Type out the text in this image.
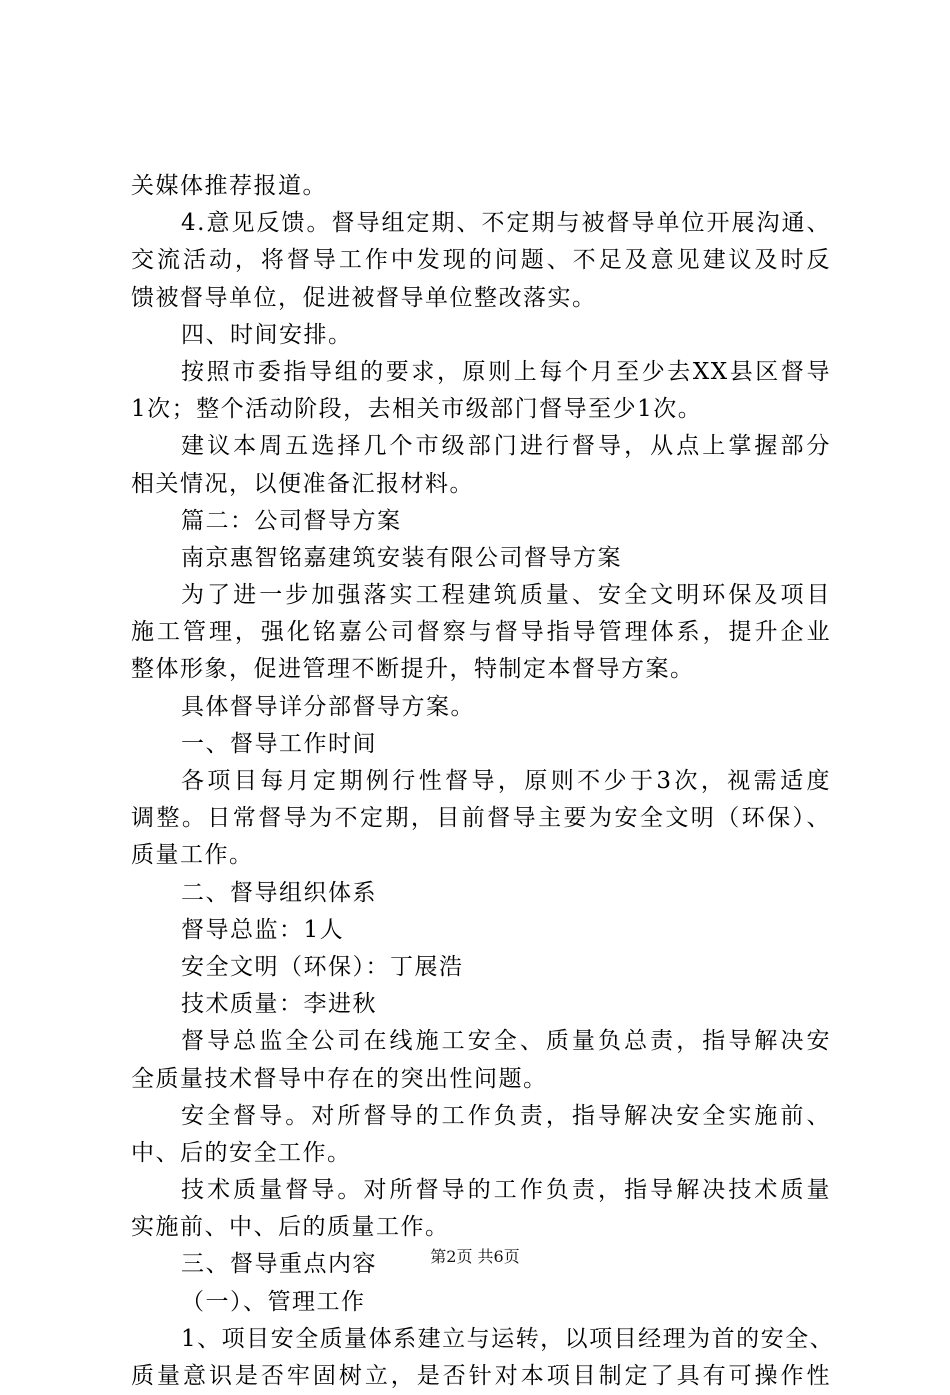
关媒体推荐报道。
4.意见反馈。督导组定期、不定期与被督导单位开展沟通、
交流活动，将督导工作中发现的问题、不足及意见建议及时反
馈被督导单位，促进被督导单位整改落实。
四、时间安排。
按照市委指导组的要求，原则上每个月至少去XX县区督导
1次；整个活动阶段，去相关市级部门督导至少1次。
建议本周五选择几个市级部门进行督导，从点上掌握部分
相关情况，以便准备汇报材料。
篇二：公司督导方案
南京惠智铭嘉建筑安装有限公司督导方案
为了进一步加强落实工程建筑质量、安全文明环保及项目
施工管理，强化铭嘉公司督察与督导指导管理体系，提升企业
整体形象，促进管理不断提升，特制定本督导方案。
具体督导详分部督导方案。
一、督导工作时间
各项目每月定期例行性督导，原则不少于3次，视需适度
调整。日常督导为不定期，目前督导主要为安全文明（环保）、
质量工作。
二、督导组织体系
督导总监：1人
安全文明（环保）：丁展浩
技术质量：李进秋
督导总监全公司在线施工安全、质量负总责，指导解决安
全质量技术督导中存在的突出性问题。
安全督导。对所督导的工作负责，指导解决安全实施前、
中、后的安全工作。
技术质量督导。对所督导的工作负责，指导解决技术质量
实施前、中、后的质量工作。
三、督导重点内容
（一）、管理工作
1、项目安全质量体系建立与运转，以项目经理为首的安全、
质量意识是否牢固树立，是否针对本项目制定了具有可操作性
第2页 共6页
